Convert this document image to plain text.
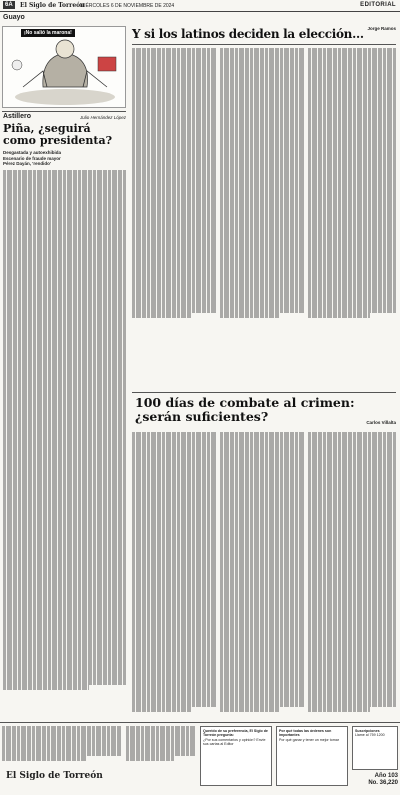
6A	El Siglo de Torreón
MIÉRCOLES 6 DE NOVIEMBRE DE 2024	EDITORIAL
Guayo
¡No salió la marona!	Y si los latinos deciden la elección... Jorge Ramos
Astillero	Julio Hernández López
Piña, ¿seguirá como presidenta?
Desgastada y autoexhibida
Escenario de fraude mayor
Pérez Dayán, 'rendido'
100 días de combate al crimen: ¿serán suficientes?	Carlos Villalta
El Siglo de Torreón
Querido de su preferencia, El Siglo de Torreón pregunta:
¿Por sus comentarios y opinión? Envíe sus cartas al Editor
Por qué todas las órdenes son importantes
Por qué ganar y tener un mejor tomar
Suscripciones
Llame al 759 1200
Año 103
No. 36,220
